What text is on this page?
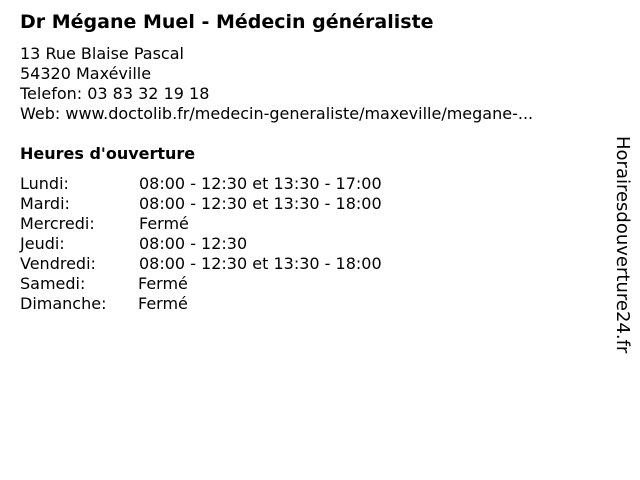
Dr Mégane Muel - Médecin généraliste
13 Rue Blaise Pascal
54320 Maxéville
Telefon: 03 83 32 19 18
Web: www.doctolib.fr/medecin-generaliste/maxeville/megane-...
Heures d'ouverture
Lundi:	08:00 - 12:30 et 13:30 - 17:00
Mardi:	08:00 - 12:30 et 13:30 - 18:00
Mercredi:	Fermé
Jeudi:	08:00 - 12:30
Vendredi:	08:00 - 12:30 et 13:30 - 18:00
Samedi:	Fermé
Dimanche: Fermé	Horairesdouverture24.fr
